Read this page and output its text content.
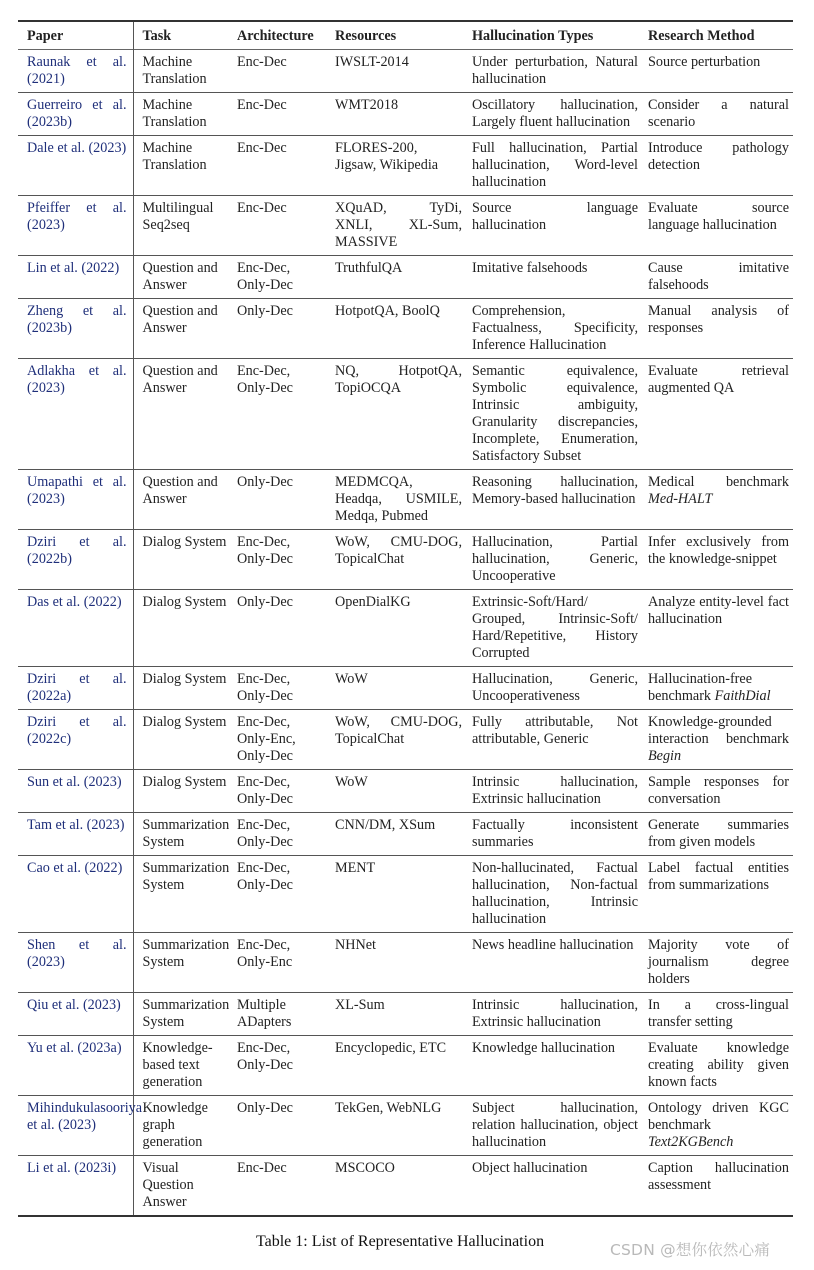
Paper	Task	Architecture	Resources	Hallucination Types	Research Method
Raunak et al. (2021)	Machine Translation	Enc-Dec	IWSLT-2014	Under perturbation, Natural hallucination	Source perturbation
Guerreiro et al. (2023b)	Machine Translation	Enc-Dec	WMT2018	Oscillatory hallucination, Largely fluent hallucination	Consider a natural scenario
Dale et al. (2023)	Machine Translation	Enc-Dec	FLORES-200, Jigsaw, Wikipedia	Full hallucination, Partial hallucination, Word-level hallucination	Introduce pathology detection
Pfeiffer et al. (2023)	Multilingual Seq2seq	Enc-Dec	XQuAD, TyDi, XNLI, XL-Sum, MASSIVE	Source language hallucination	Evaluate source language hallucination
Lin et al. (2022)	Question and Answer	Enc-Dec, Only-Dec	TruthfulQA	Imitative falsehoods	Cause imitative falsehoods
Zheng et al. (2023b)	Question and Answer	Only-Dec	HotpotQA, BoolQ	Comprehension, Factualness, Specificity, Inference Hallucination	Manual analysis of responses
Adlakha et al. (2023)	Question and Answer	Enc-Dec, Only-Dec	NQ, HotpotQA, TopiOCQA	Semantic equivalence, Symbolic equivalence, Intrinsic ambiguity, Granularity discrepancies, Incomplete, Enumeration, Satisfactory Subset	Evaluate retrieval augmented QA
Umapathi et al. (2023)	Question and Answer	Only-Dec	MEDMCQA, Headqa, USMILE, Medqa, Pubmed	Reasoning hallucination, Memory-based hallucination	Medical benchmark Med-HALT
Dziri et al. (2022b)	Dialog System	Enc-Dec, Only-Dec	WoW, CMU-DOG, TopicalChat	Hallucination, Partial hallucination, Generic, Uncooperative	Infer exclusively from the knowledge-snippet
Das et al. (2022)	Dialog System	Only-Dec	OpenDialKG	Extrinsic-Soft/Hard/ Grouped, Intrinsic-Soft/ Hard/Repetitive, History Corrupted	Analyze entity-level fact hallucination
Dziri et al. (2022a)	Dialog System	Enc-Dec, Only-Dec	WoW	Hallucination, Generic, Uncooperativeness	Hallucination-free benchmark FaithDial
Dziri et al. (2022c)	Dialog System	Enc-Dec, Only-Enc, Only-Dec	WoW, CMU-DOG, TopicalChat	Fully attributable, Not attributable, Generic	Knowledge-grounded interaction benchmark Begin
Sun et al. (2023)	Dialog System	Enc-Dec, Only-Dec	WoW	Intrinsic hallucination, Extrinsic hallucination	Sample responses for conversation
Tam et al. (2023)	Summarization System	Enc-Dec, Only-Dec	CNN/DM, XSum	Factually inconsistent summaries	Generate summaries from given models
Cao et al. (2022)	Summarization System	Enc-Dec, Only-Dec	MENT	Non-hallucinated, Factual hallucination, Non-factual hallucination, Intrinsic hallucination	Label factual entities from summarizations
Shen et al. (2023)	Summarization System	Enc-Dec, Only-Enc	NHNet	News headline hallucination	Majority vote of journalism degree holders
Qiu et al. (2023)	Summarization System	Multiple ADapters	XL-Sum	Intrinsic hallucination, Extrinsic hallucination	In a cross-lingual transfer setting
Yu et al. (2023a)	Knowledge-based text generation	Enc-Dec, Only-Dec	Encyclopedic, ETC	Knowledge hallucination	Evaluate knowledge creating ability given known facts
Mihindukulasooriya et al. (2023)	Knowledge graph generation	Only-Dec	TekGen, WebNLG	Subject hallucination, relation hallucination, object hallucination	Ontology driven KGC benchmark Text2KGBench
Li et al. (2023i)	Visual Question Answer	Enc-Dec	MSCOCO	Object hallucination	Caption hallucination assessment
Table 1: List of Representative Hallucination	CSDN @想你依然心痛
